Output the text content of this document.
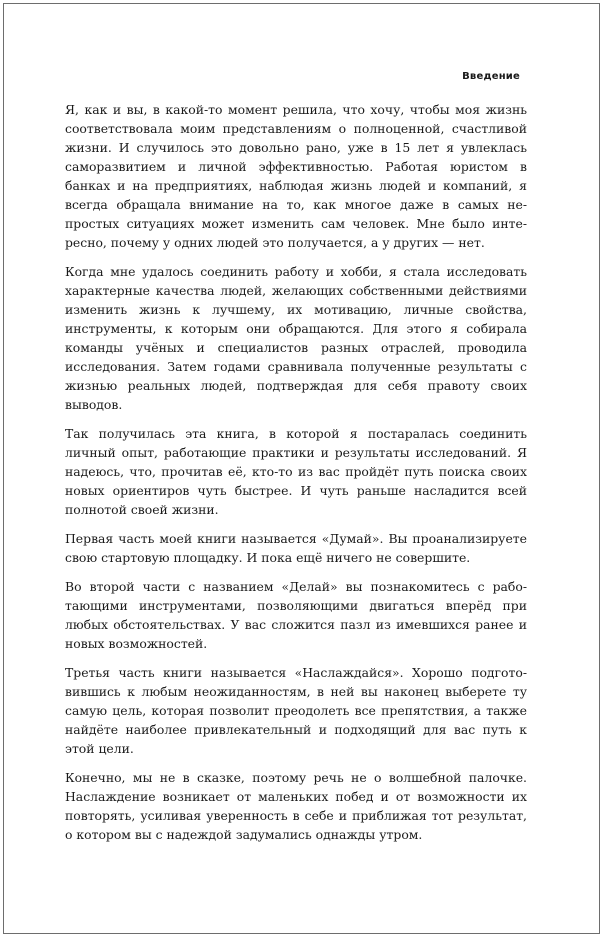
Введение

Я, как и вы, в какой-то момент решила, что хочу, чтобы моя жизнь соответствовала моим представлениям о полноценной, счастливой жизни. И случилось это довольно рано, уже в 15 лет я увлеклась саморазвитием и личной эффективностью. Работая юристом в банках и на предприятиях, наблюдая жизнь людей и компаний, я всегда обращала внимание на то, как многое даже в самых непростых ситуациях может изменить сам человек. Мне было интересно, почему у одних людей это получается, а у других — нет.

Когда мне удалось соединить работу и хобби, я стала исследовать характерные качества людей, желающих собственными действиями изменить жизнь к лучшему, их мотивацию, личные свойства, инструменты, к которым они обращаются. Для этого я собирала команды учёных и специалистов разных отраслей, проводила исследования. Затем годами сравнивала полученные результаты с жизнью реальных людей, подтверждая для себя правоту своих выводов.

Так получилась эта книга, в которой я постаралась соединить личный опыт, работающие практики и результаты исследований. Я надеюсь, что, прочитав её, кто-то из вас пройдёт путь поиска своих новых ориентиров чуть быстрее. И чуть раньше насладится всей полнотой своей жизни.

Первая часть моей книги называется «Думай». Вы проанализируете свою стартовую площадку. И пока ещё ничего не совершите.

Во второй части с названием «Делай» вы познакомитесь с работающими инструментами, позволяющими двигаться вперёд при любых обстоятельствах. У вас сложится пазл из имевшихся ранее и новых возможностей.

Третья часть книги называется «Наслаждайся». Хорошо подготовившись к любым неожиданностям, в ней вы наконец выберете ту самую цель, которая позволит преодолеть все препятствия, а также найдёте наиболее привлекательный и подходящий для вас путь к этой цели.

Конечно, мы не в сказке, поэтому речь не о волшебной палочке. Наслаждение возникает от маленьких побед и от возможности их повторять, усиливая уверенность в себе и приближая тот результат, о котором вы с надеждой задумались однажды утром.
